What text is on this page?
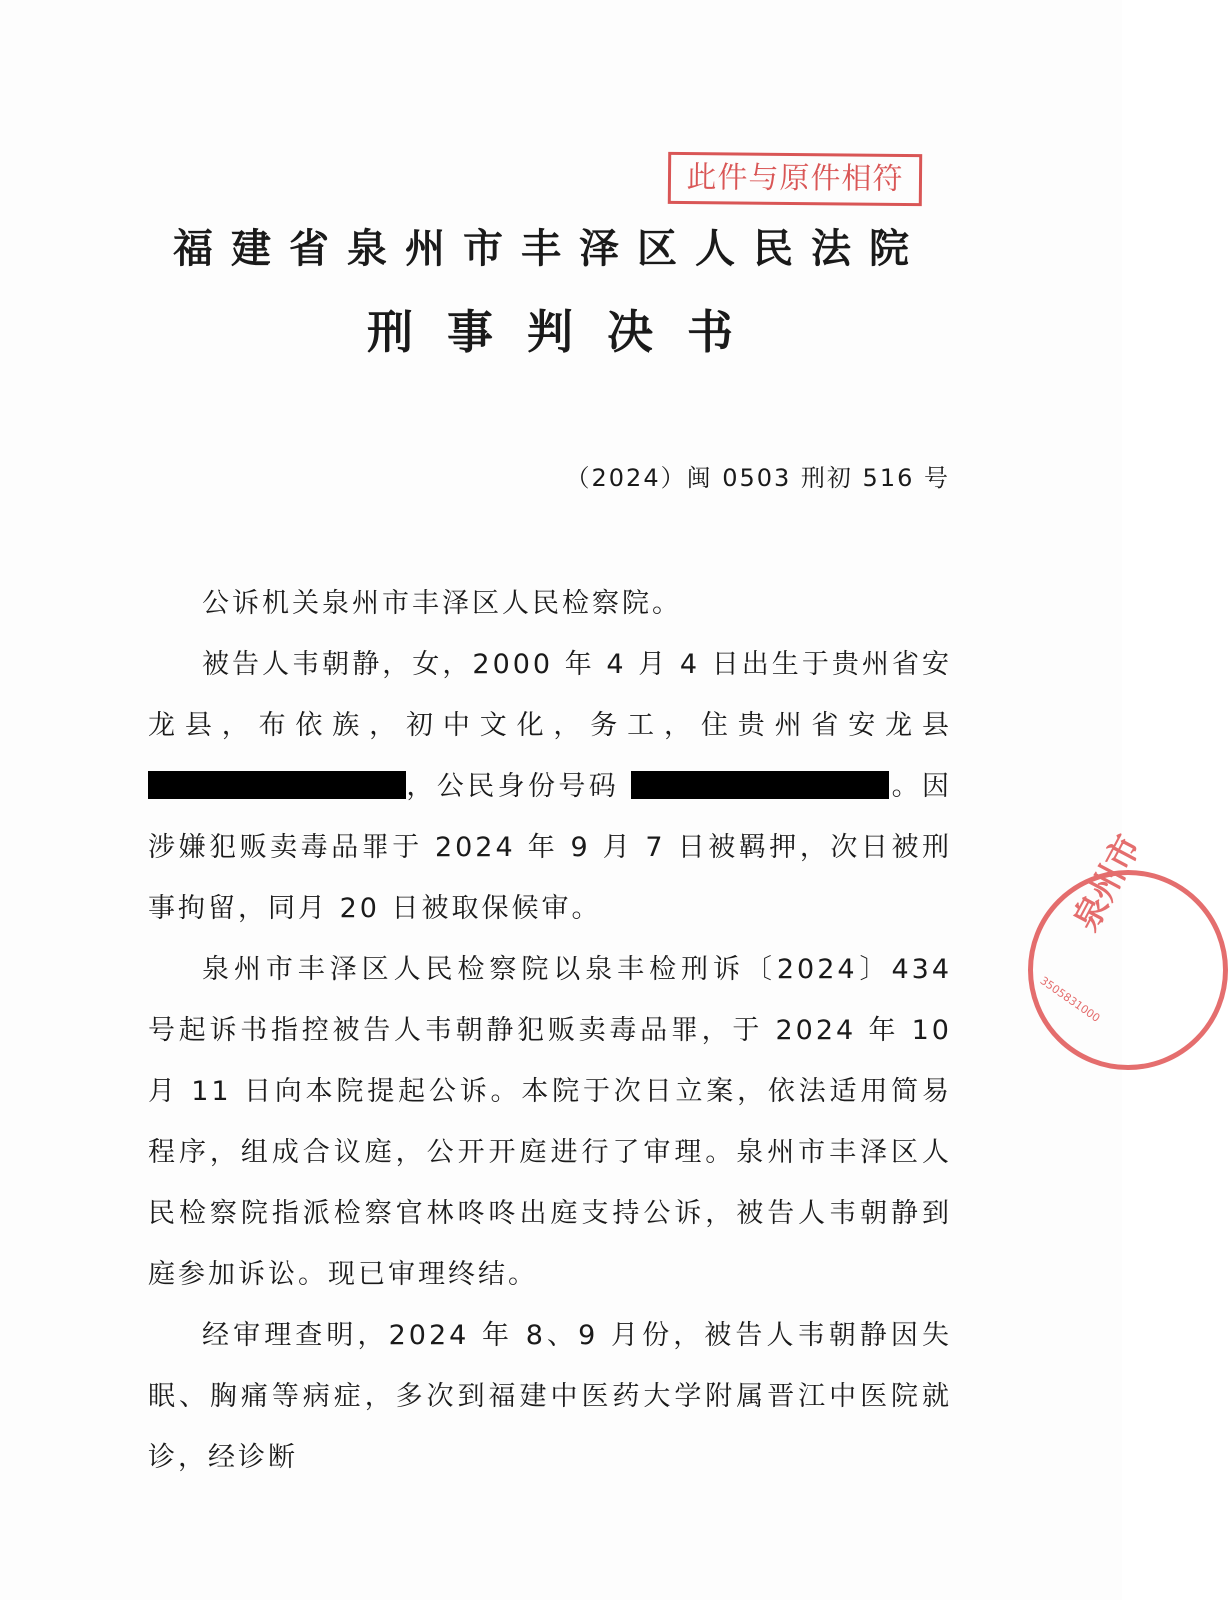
此件与原件相符
福建省泉州市丰泽区人民法院
刑事判决书
（2024）闽 0503 刑初 516 号

公诉机关泉州市丰泽区人民检察院。

被告人韦朝静，女，2000 年 4 月 4 日出生于贵州省安龙县，布依族，初中文化，务工，住贵州省安龙县，公民身份号码	。因涉嫌犯贩卖毒品罪于 2024 年 9 月 7 日被羁押，次日被刑事拘留，同月 20 日被取保候审。

泉州市丰泽区人民检察院以泉丰检刑诉〔2024〕434 号起诉书指控被告人韦朝静犯贩卖毒品罪，于 2024 年 10 月 11 日向本院提起公诉。本院于次日立案，依法适用简易程序，组成合议庭，公开开庭进行了审理。泉州市丰泽区人民检察院指派检察官林咚咚出庭支持公诉，被告人韦朝静到庭参加诉讼。现已审理终结。

经审理查明，2024 年 8、9 月份，被告人韦朝静因失眠、胸痛等病症，多次到福建中医药大学附属晋江中医院就诊，经诊断

泉州市
3505831000
